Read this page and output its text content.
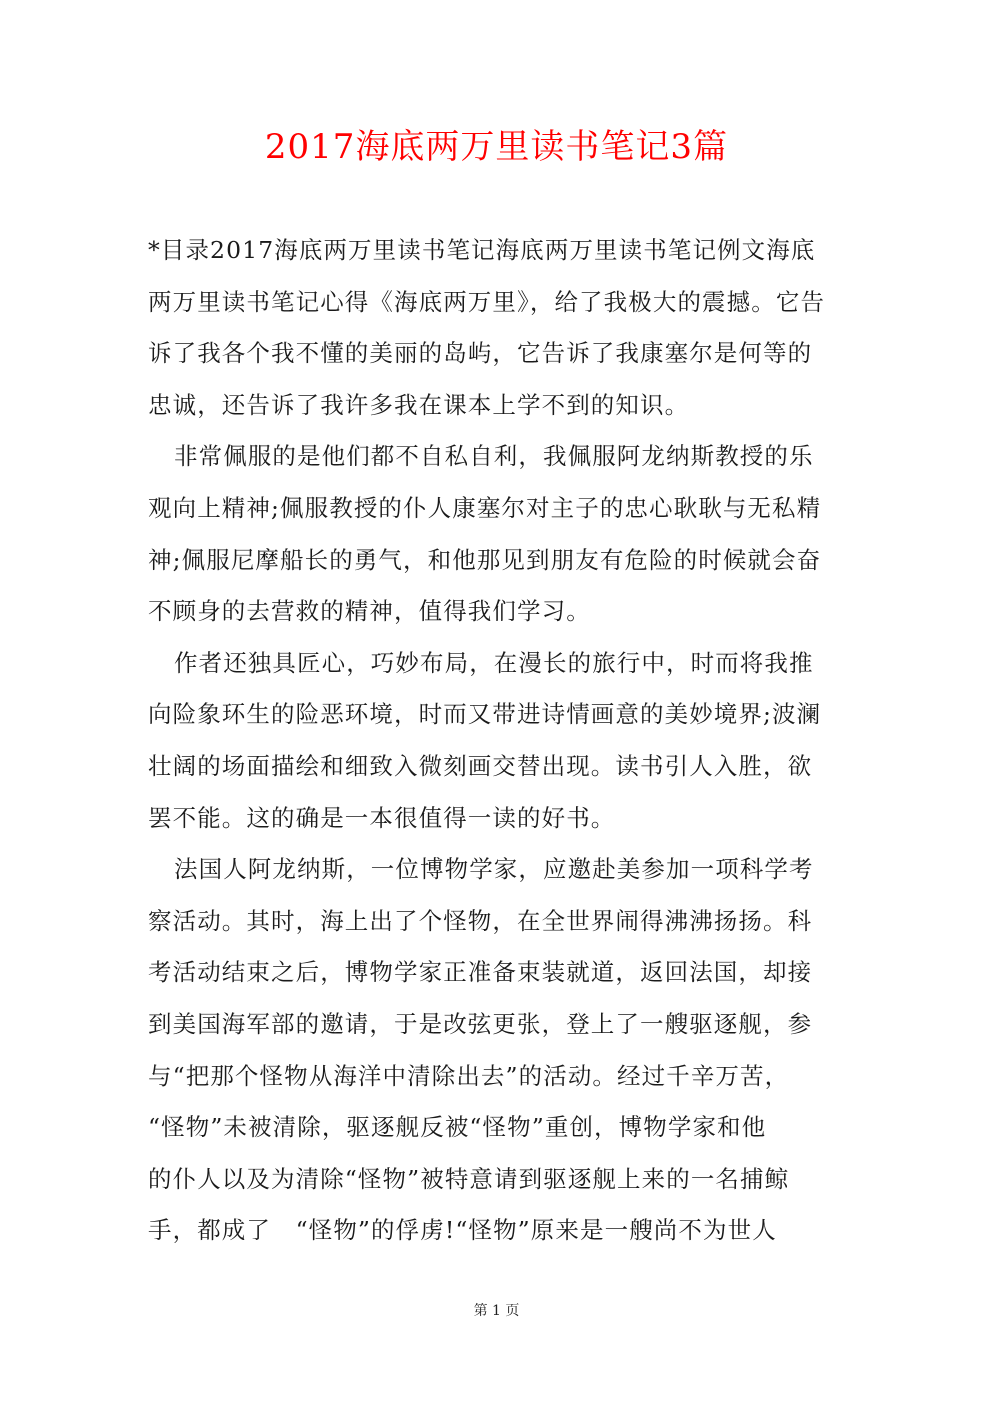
2017海底两万里读书笔记3篇
*目录2017海底两万里读书笔记海底两万里读书笔记例文海底
两万里读书笔记心得《海底两万里》，给了我极大的震撼。它告
诉了我各个我不懂的美丽的岛屿，它告诉了我康塞尔是何等的
忠诚，还告诉了我许多我在课本上学不到的知识。
非常佩服的是他们都不自私自利，我佩服阿龙纳斯教授的乐
观向上精神;佩服教授的仆人康塞尔对主子的忠心耿耿与无私精
神;佩服尼摩船长的勇气，和他那见到朋友有危险的时候就会奋
不顾身的去营救的精神，值得我们学习。
作者还独具匠心，巧妙布局，在漫长的旅行中，时而将我推
向险象环生的险恶环境，时而又带进诗情画意的美妙境界;波澜
壮阔的场面描绘和细致入微刻画交替出现。读书引人入胜，欲
罢不能。这的确是一本很值得一读的好书。
法国人阿龙纳斯，一位博物学家，应邀赴美参加一项科学考
察活动。其时，海上出了个怪物，在全世界闹得沸沸扬扬。科
考活动结束之后，博物学家正准备束装就道，返回法国，却接
到美国海军部的邀请，于是改弦更张，登上了一艘驱逐舰，参
与“把那个怪物从海洋中清除出去”的活动。经过千辛万苦，
“怪物”未被清除，驱逐舰反被“怪物”重创，博物学家和他
的仆人以及为清除“怪物”被特意请到驱逐舰上来的一名捕鲸
手，都成了　“怪物”的俘虏!“怪物”原来是一艘尚不为世人
第 1 页
